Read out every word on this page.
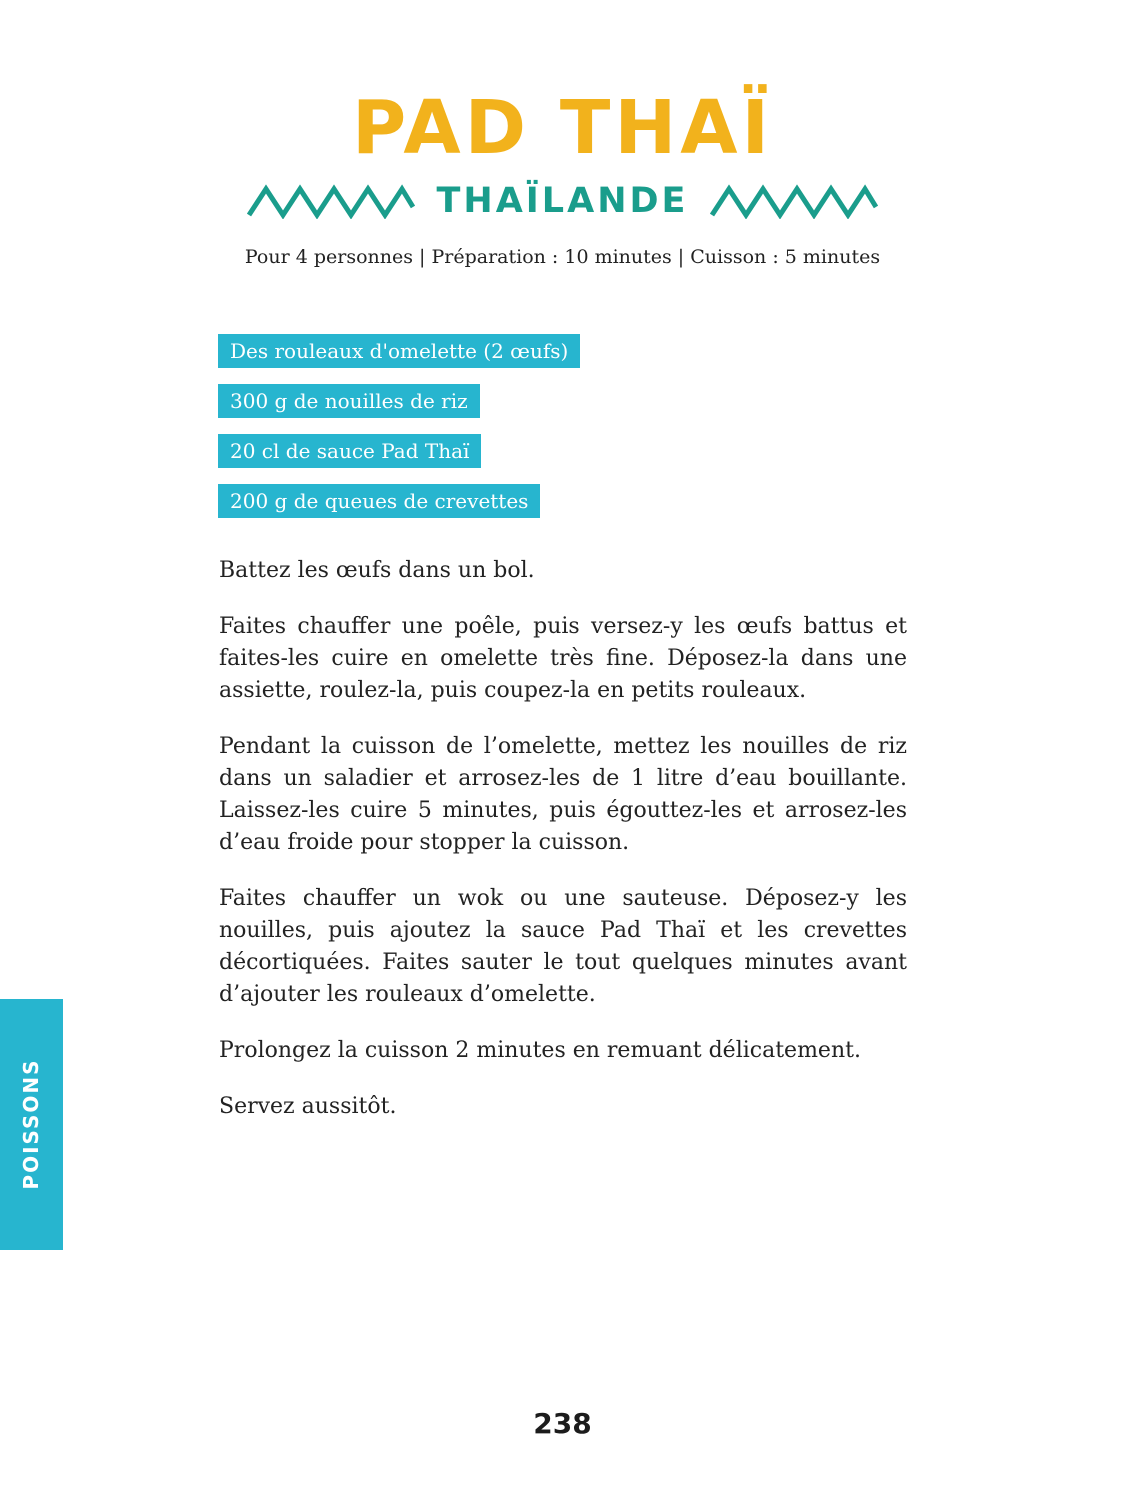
PAD THAÏ
THAÏLANDE
Pour 4 personnes | Préparation : 10 minutes | Cuisson : 5 minutes
Des rouleaux d'omelette (2 œufs)
300 g de nouilles de riz
20 cl de sauce Pad Thaï
200 g de queues de crevettes

Battez les œufs dans un bol.

Faites chauffer une poêle, puis versez-y les œufs battus et faites-les cuire en omelette très fine. Déposez-la dans une assiette, roulez-la, puis coupez-la en petits rouleaux.

Pendant la cuisson de l’omelette, mettez les nouilles de riz dans un saladier et arrosez-les de 1 litre d’eau bouillante. Laissez-les cuire 5 minutes, puis égouttez-les et arrosez-les d’eau froide pour stopper la cuisson.

Faites chauffer un wok ou une sauteuse. Déposez-y les nouilles, puis ajoutez la sauce Pad Thaï et les crevettes décortiquées. Faites sauter le tout quelques minutes avant d’ajouter les rouleaux d’omelette.

Prolongez la cuisson 2 minutes en remuant délicatement.

Servez aussitôt.

POISSONS
238
